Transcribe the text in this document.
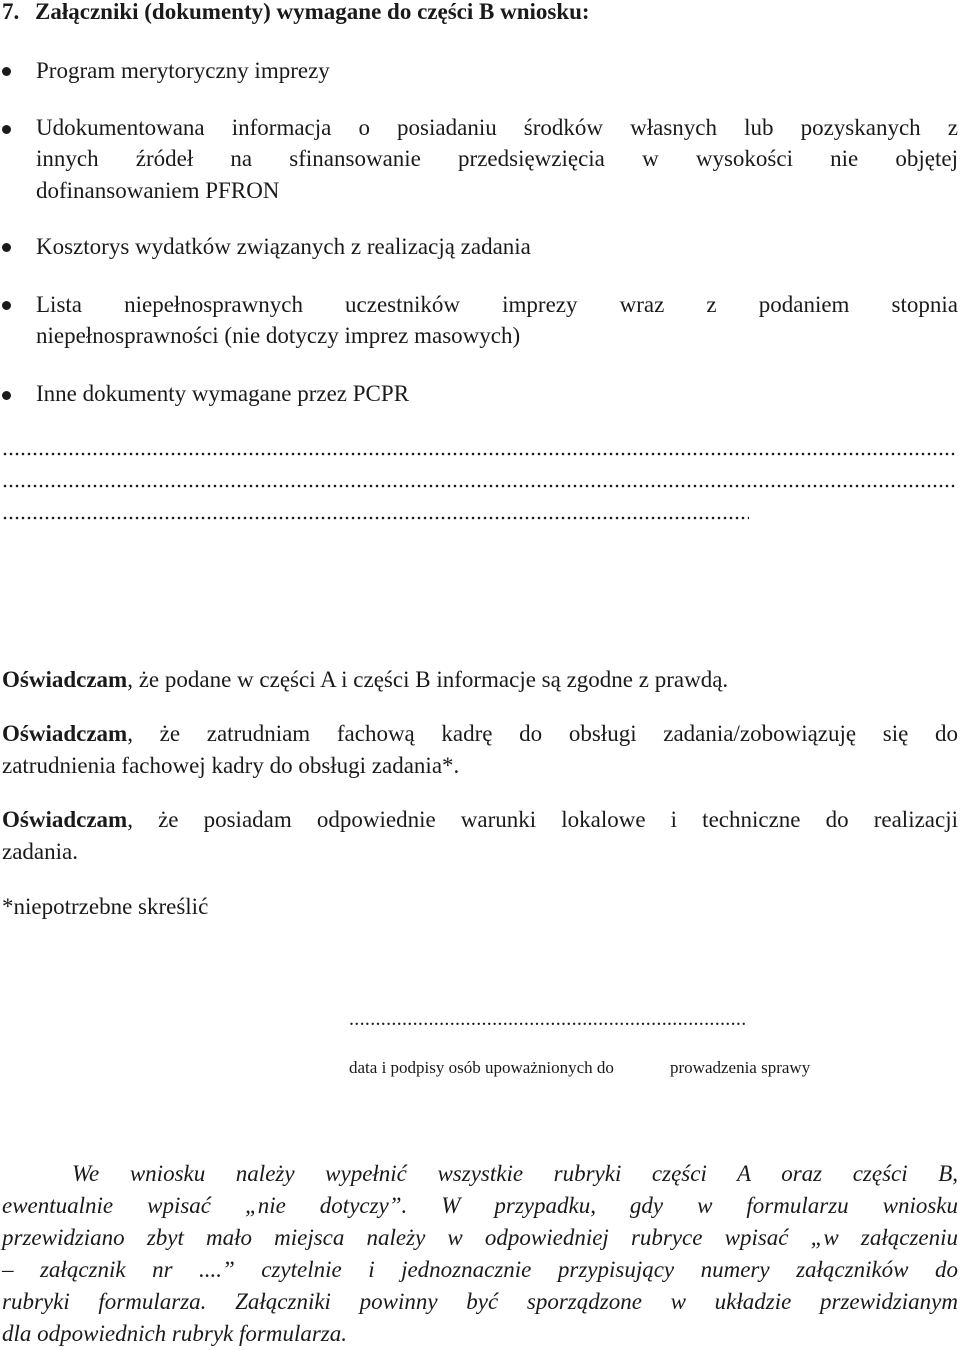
7. Załączniki (dokumenty) wymagane do części B wniosku:
Program merytoryczny imprezy
Udokumentowana informacja o posiadaniu środków własnych lub pozyskanych z
innych źródeł na sfinansowanie przedsięwzięcia w wysokości nie objętej
dofinansowaniem PFRON
Kosztorys wydatków związanych z realizacją zadania
Lista niepełnosprawnych uczestników imprezy wraz z podaniem stopnia
niepełnosprawności (nie dotyczy imprez masowych)
Inne dokumenty wymagane przez PCPR
Oświadczam, że podane w części A i części B informacje są zgodne z prawdą.
Oświadczam, że zatrudniam fachową kadrę do obsługi zadania/zobowiązuję się do
zatrudnienia fachowej kadry do obsługi zadania*.
Oświadczam, że posiadam odpowiednie warunki lokalowe i techniczne do realizacji
zadania.
*niepotrzebne skreślić
...........................................................................
data i podpisy osób upoważnionych do	prowadzenia sprawy
We wniosku należy wypełnić wszystkie rubryki części A oraz części B,
ewentualnie wpisać „nie dotyczy”. W przypadku, gdy w formularzu wniosku
przewidziano zbyt mało miejsca należy w odpowiedniej rubryce wpisać „w załączeniu
– załącznik nr ....” czytelnie i jednoznacznie przypisujący numery załączników do
rubryki formularza. Załączniki powinny być sporządzone w układzie przewidzianym
dla odpowiednich rubryk formularza.
